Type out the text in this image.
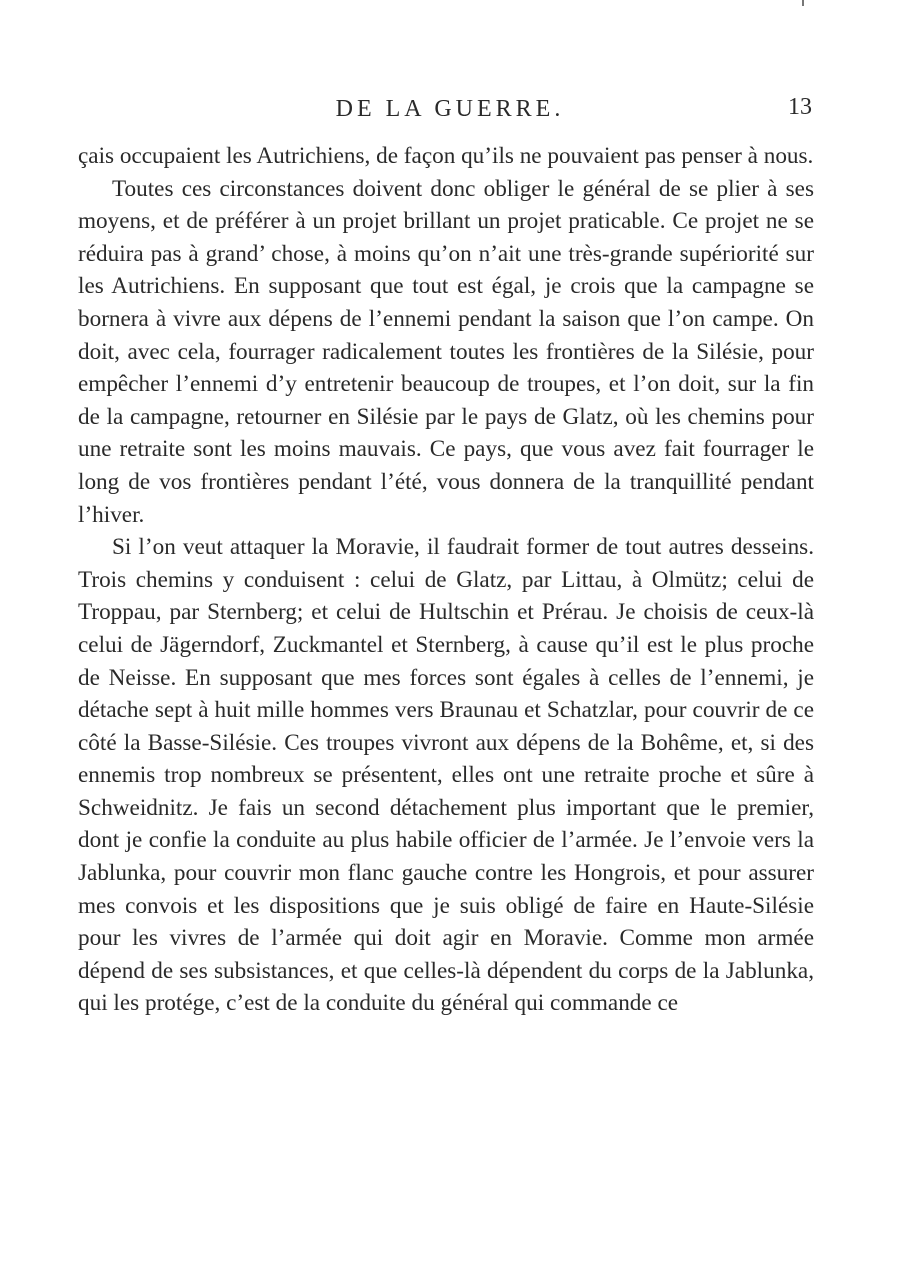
DE LA GUERRE.	13

çais occupaient les Autrichiens, de façon qu’ils ne pouvaient pas penser à nous.

Toutes ces circonstances doivent donc obliger le général de se plier à ses moyens, et de préférer à un projet brillant un projet praticable. Ce projet ne se réduira pas à grand’ chose, à moins qu’on n’ait une très-grande supériorité sur les Autrichiens. En supposant que tout est égal, je crois que la campagne se bornera à vivre aux dépens de l’ennemi pendant la saison que l’on campe. On doit, avec cela, fourrager radicalement toutes les frontières de la Silésie, pour empêcher l’ennemi d’y entretenir beaucoup de troupes, et l’on doit, sur la fin de la campagne, retourner en Silésie par le pays de Glatz, où les chemins pour une retraite sont les moins mauvais. Ce pays, que vous avez fait fourrager le long de vos frontières pendant l’été, vous donnera de la tranquillité pendant l’hiver.

Si l’on veut attaquer la Moravie, il faudrait former de tout autres desseins. Trois chemins y conduisent : celui de Glatz, par Littau, à Olmütz; celui de Troppau, par Sternberg; et celui de Hultschin et Prérau. Je choisis de ceux-là celui de Jägerndorf, Zuckmantel et Sternberg, à cause qu’il est le plus proche de Neisse. En supposant que mes forces sont égales à celles de l’ennemi, je détache sept à huit mille hommes vers Braunau et Schatzlar, pour couvrir de ce côté la Basse-Silésie. Ces troupes vivront aux dépens de la Bohême, et, si des ennemis trop nombreux se présentent, elles ont une retraite proche et sûre à Schweidnitz. Je fais un second détachement plus important que le premier, dont je confie la conduite au plus habile officier de l’armée. Je l’envoie vers la Jablunka, pour couvrir mon flanc gauche contre les Hongrois, et pour assurer mes convois et les dispositions que je suis obligé de faire en Haute-Silésie pour les vivres de l’armée qui doit agir en Moravie. Comme mon armée dépend de ses subsistances, et que celles-là dépendent du corps de la Jablunka, qui les protége, c’est de la conduite du général qui commande ce
